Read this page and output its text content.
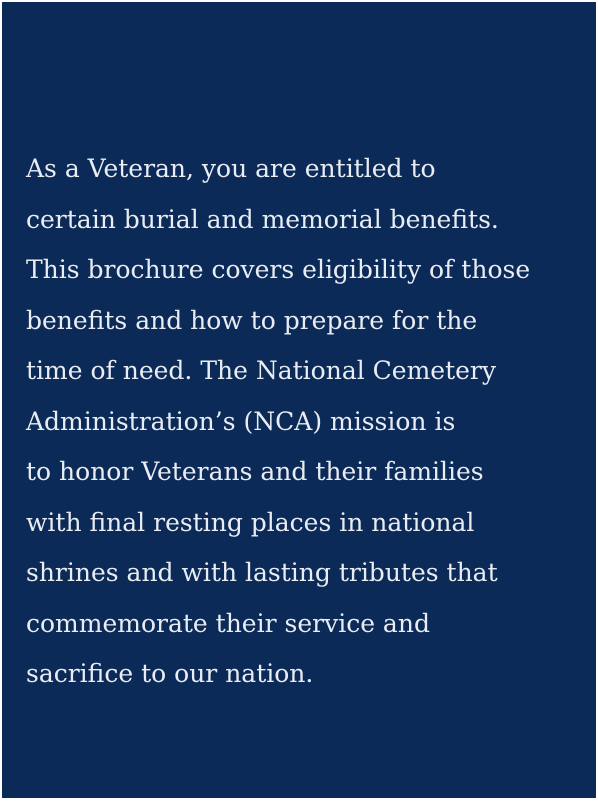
As a Veteran, you are entitled to
certain burial and memorial benefits.
This brochure covers eligibility of those
benefits and how to prepare for the
time of need. The National Cemetery
Administration’s (NCA) mission is
to honor Veterans and their families
with final resting places in national
shrines and with lasting tributes that
commemorate their service and
sacrifice to our nation.
